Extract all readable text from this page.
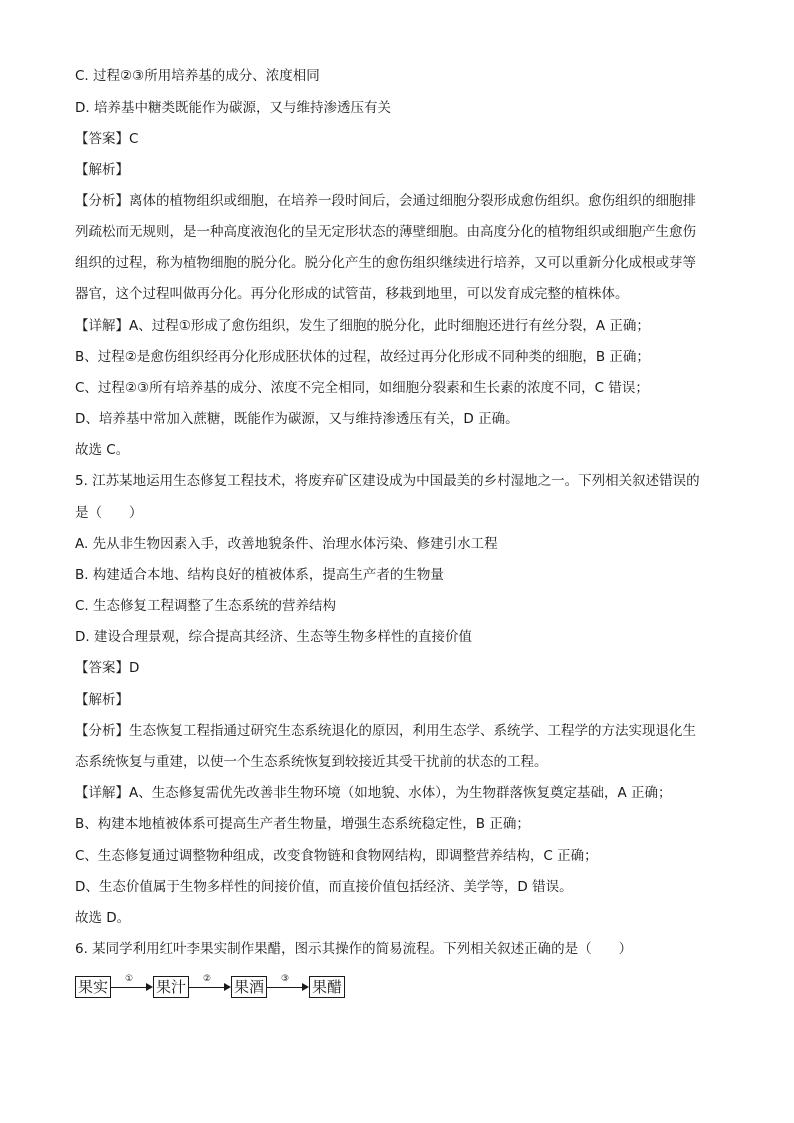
C. 过程②③所用培养基的成分、浓度相同
D. 培养基中糖类既能作为碳源，又与维持渗透压有关
【答案】C
【解析】
【分析】离体的植物组织或细胞，在培养一段时间后，会通过细胞分裂形成愈伤组织。愈伤组织的细胞排
列疏松而无规则，是一种高度液泡化的呈无定形状态的薄壁细胞。由高度分化的植物组织或细胞产生愈伤
组织的过程，称为植物细胞的脱分化。脱分化产生的愈伤组织继续进行培养，又可以重新分化成根或芽等
器官，这个过程叫做再分化。再分化形成的试管苗，移栽到地里，可以发育成完整的植株体。
【详解】A、过程①形成了愈伤组织，发生了细胞的脱分化，此时细胞还进行有丝分裂，A 正确；
B、过程②是愈伤组织经再分化形成胚状体的过程，故经过再分化形成不同种类的细胞，B 正确；
C、过程②③所有培养基的成分、浓度不完全相同，如细胞分裂素和生长素的浓度不同，C 错误；
D、培养基中常加入蔗糖，既能作为碳源，又与维持渗透压有关，D 正确。
故选 C。
5. 江苏某地运用生态修复工程技术，将废弃矿区建设成为中国最美的乡村湿地之一。下列相关叙述错误的
是（　　）
A. 先从非生物因素入手，改善地貌条件、治理水体污染、修建引水工程
B. 构建适合本地、结构良好的植被体系，提高生产者的生物量
C. 生态修复工程调整了生态系统的营养结构
D. 建设合理景观，综合提高其经济、生态等生物多样性的直接价值
【答案】D
【解析】
【分析】生态恢复工程指通过研究生态系统退化的原因，利用生态学、系统学、工程学的方法实现退化生
态系统恢复与重建，以使一个生态系统恢复到较接近其受干扰前的状态的工程。
【详解】A、生态修复需优先改善非生物环境（如地貌、水体），为生物群落恢复奠定基础，A 正确；
B、构建本地植被体系可提高生产者生物量，增强生态系统稳定性，B 正确；
C、生态修复通过调整物种组成，改变食物链和食物网结构，即调整营养结构，C 正确；
D、生态价值属于生物多样性的间接价值，而直接价值包括经济、美学等，D 错误。
故选 D。
6. 某同学利用红叶李果实制作果醋，图示其操作的简易流程。下列相关叙述正确的是（　　）
果实	① 果汁	② 果酒	③ 果醋
